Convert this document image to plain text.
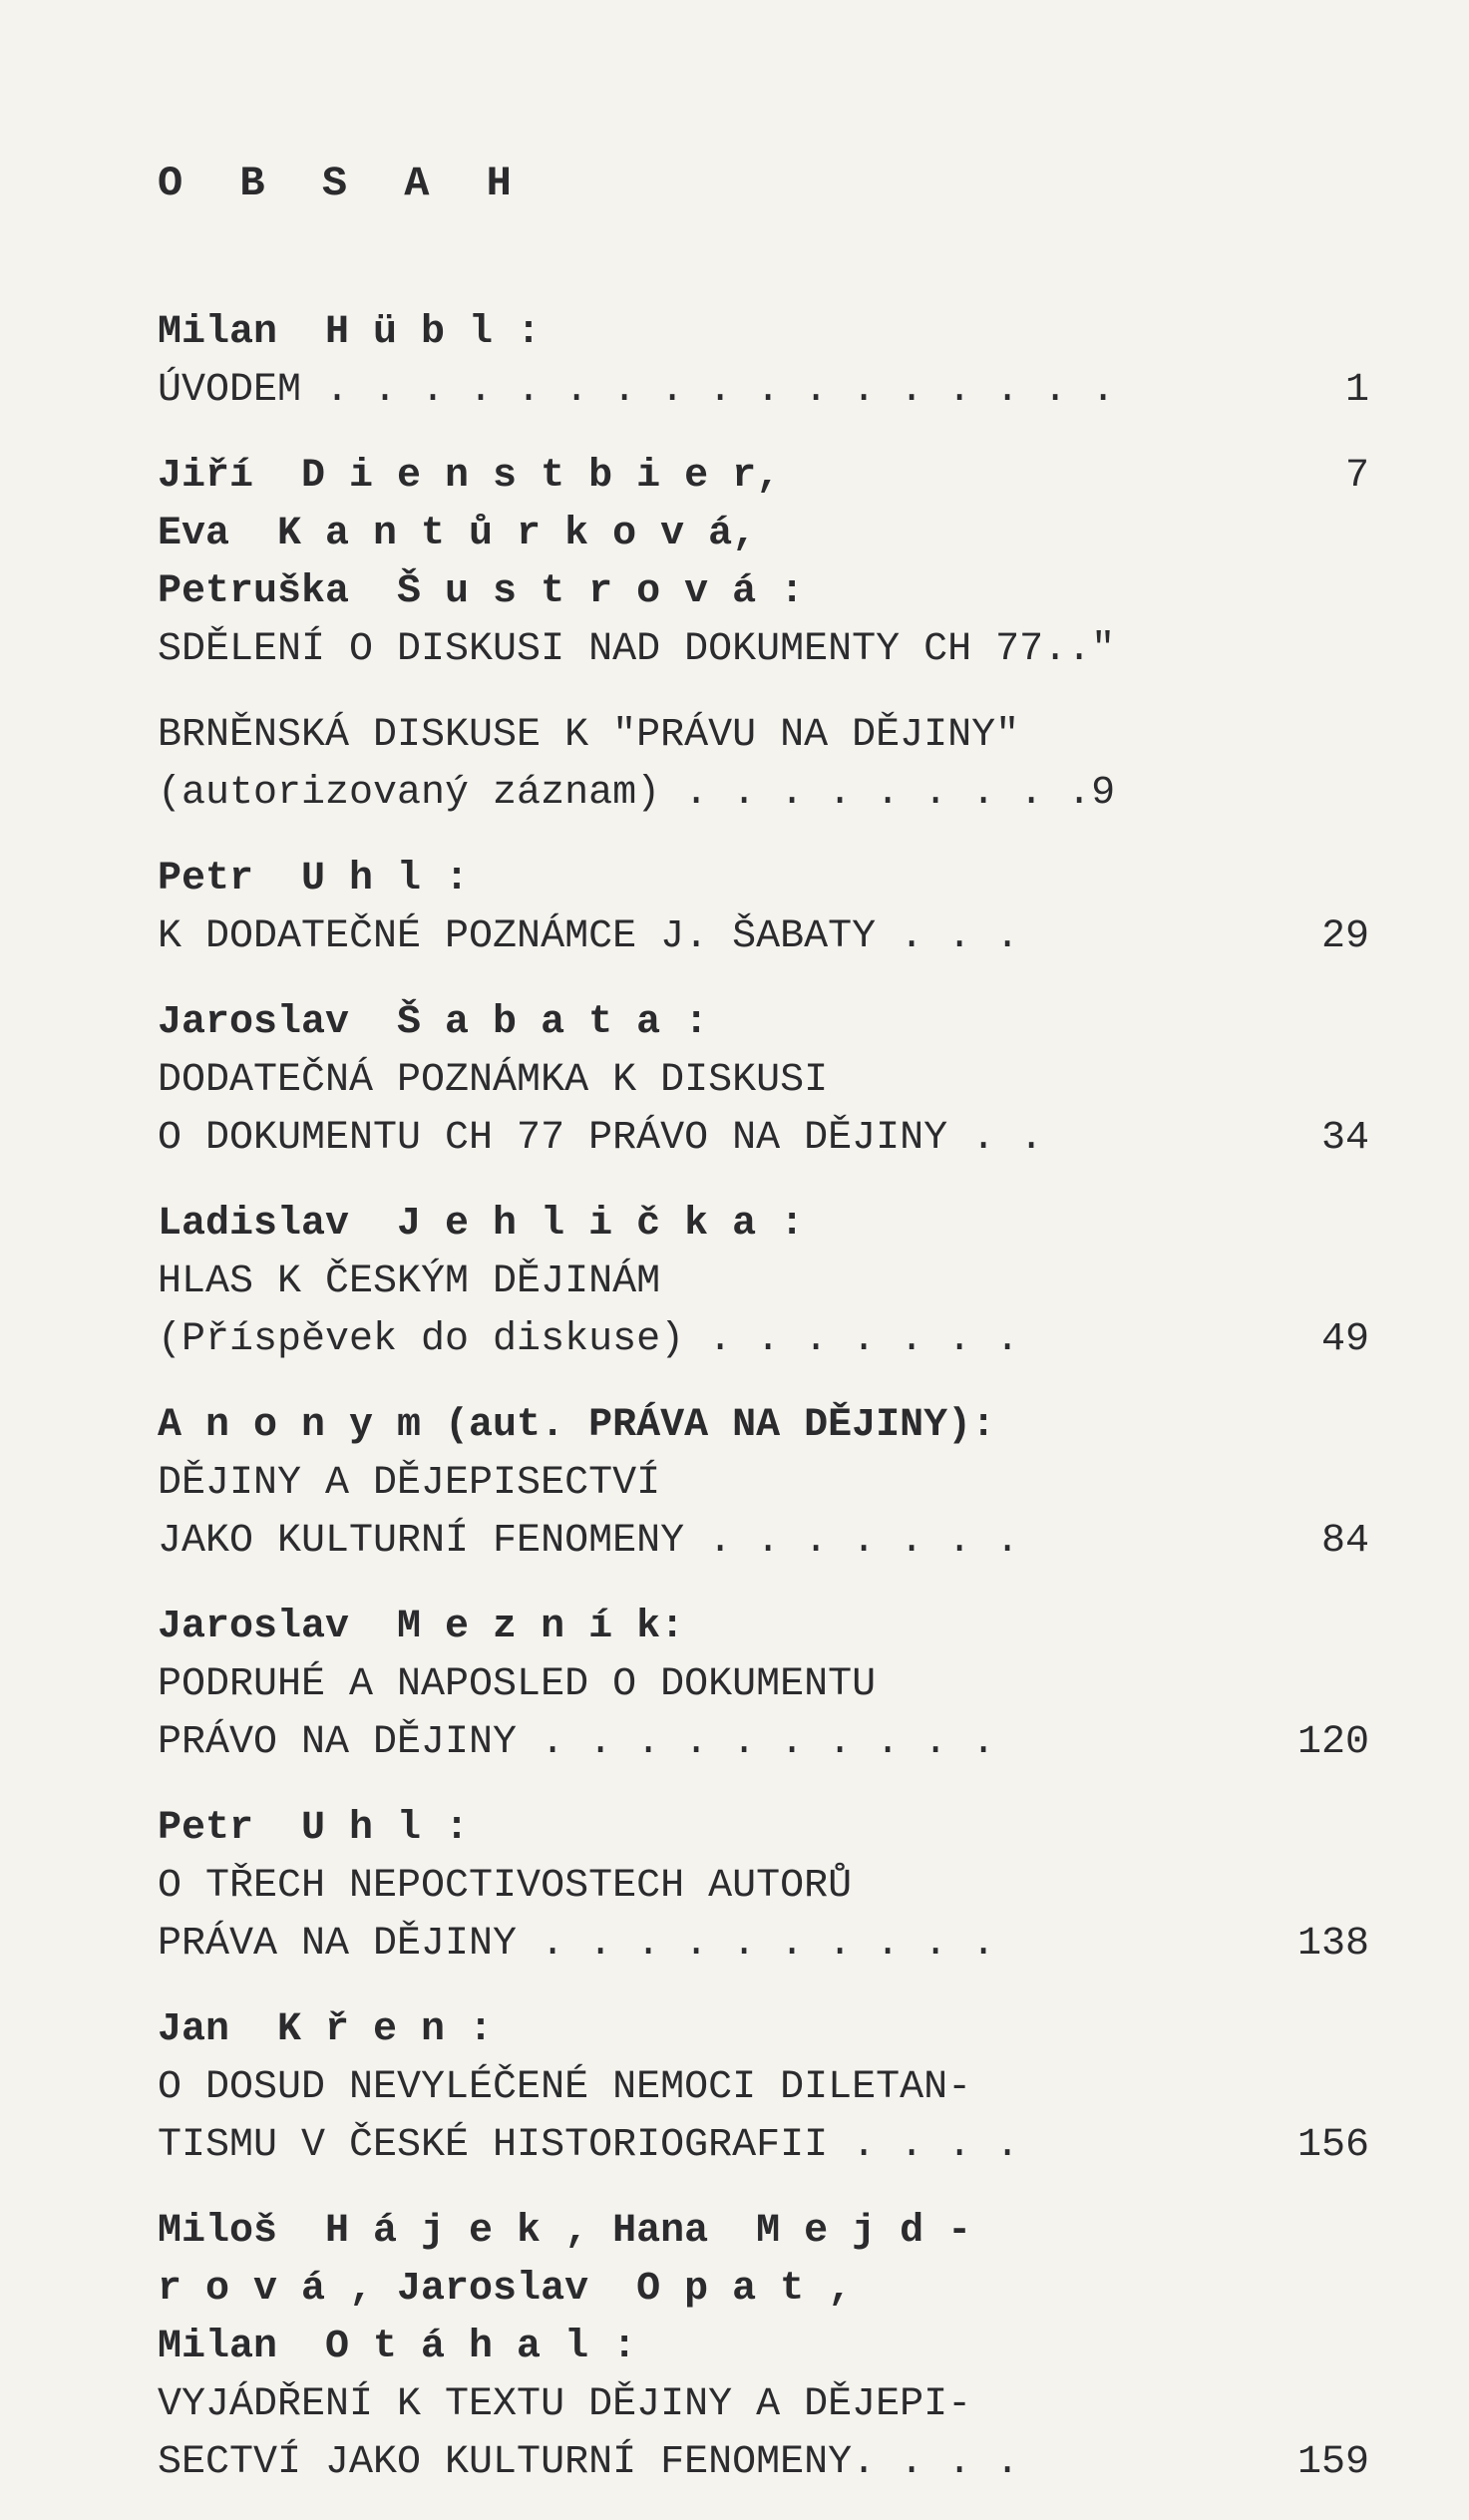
O B S A H
Milan  H ü b l :
ÚVODEM . . . . . . . . . . . . . . . . .	1
Jiří  D i e n s t b i e r,	7
Eva  K a n t ů r k o v á,
Petruška  Š u s t r o v á :
SDĚLENÍ O DISKUSI NAD DOKUMENTY CH 77.."
BRNĚNSKÁ DISKUSE K "PRÁVU NA DĚJINY"
(autorizovaný záznam) . . . . . . . . .9
Petr  U h l :
K DODATEČNÉ POZNÁMCE J. ŠABATY . . .	29
Jaroslav  Š a b a t a :
DODATEČNÁ POZNÁMKA K DISKUSI
O DOKUMENTU CH 77 PRÁVO NA DĚJINY . .	34
Ladislav  J e h l i č k a :
HLAS K ČESKÝM DĚJINÁM
(Příspěvek do diskuse) . . . . . . .	49
A n o n y m (aut. PRÁVA NA DĚJINY):
DĚJINY A DĚJEPISECTVÍ
JAKO KULTURNÍ FENOMENY . . . . . . .	84
Jaroslav  M e z n í k:
PODRUHÉ A NAPOSLED O DOKUMENTU
PRÁVO NA DĚJINY . . . . . . . . . .	120
Petr  U h l :
O TŘECH NEPOCTIVOSTECH AUTORŮ
PRÁVA NA DĚJINY . . . . . . . . . .	138
Jan  K ř e n :
O DOSUD NEVYLÉČENÉ NEMOCI DILETAN-
TISMU V ČESKÉ HISTORIOGRAFII . . . .	156
Miloš  H á j e k , Hana  M e j d -
r o v á , Jaroslav  O p a t ,
Milan  O t á h a l :
VYJÁDŘENÍ K TEXTU DĚJINY A DĚJEPI-
SECTVÍ JAKO KULTURNÍ FENOMENY. . . .	159
